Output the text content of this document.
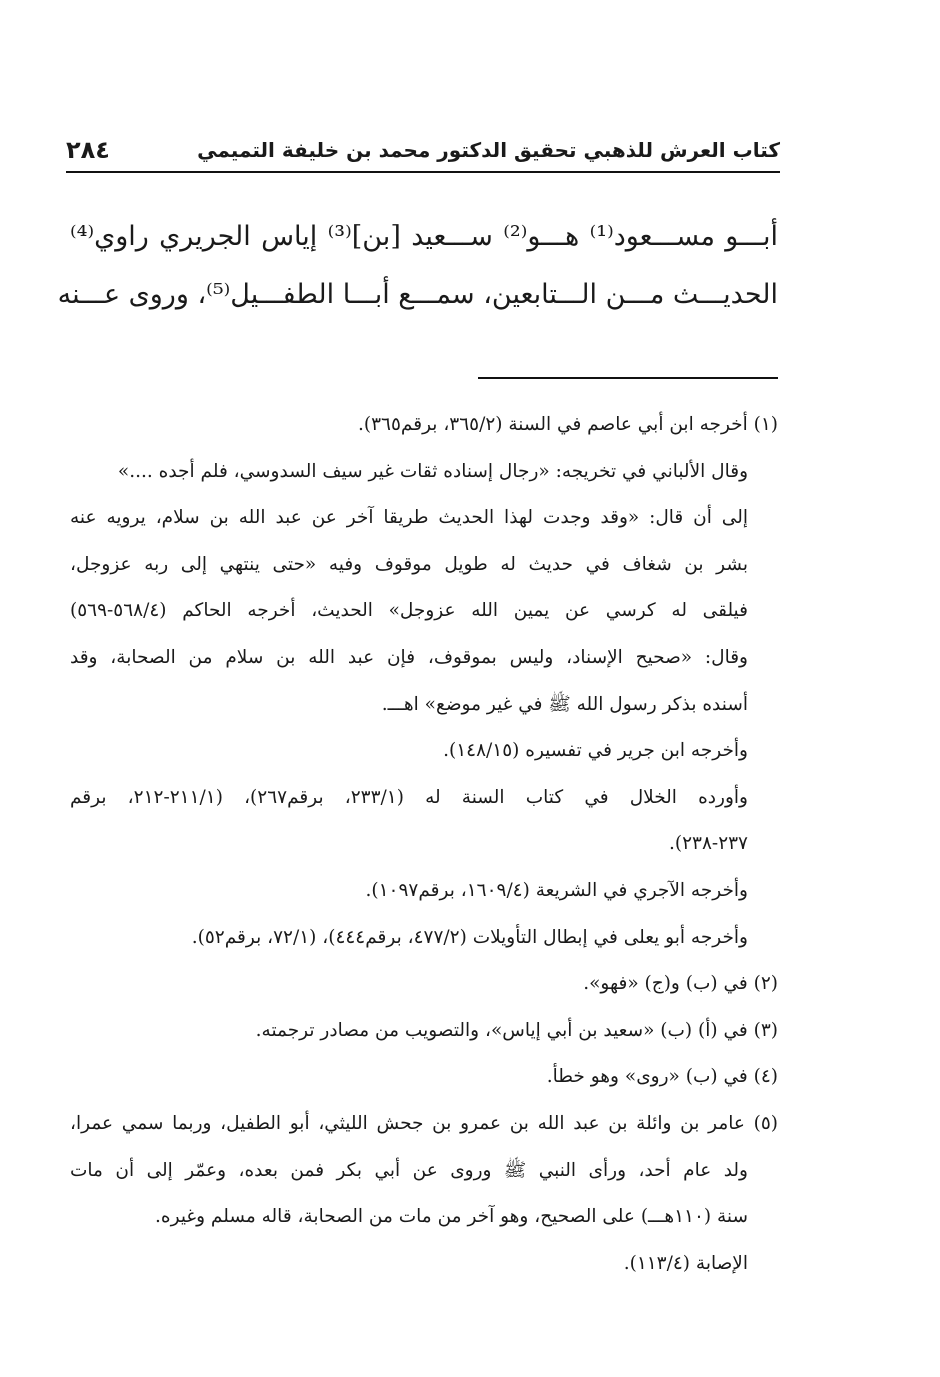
كتاب العرش للذهبي تحقيق الدكتور محمد بن خليفة التميمي
٢٨٤
أبـــو مســـعود⁽¹⁾ هـــو⁽²⁾ ســـعيد [بن]⁽³⁾ إياس الجريري راوي⁽⁴⁾
الحديـــث مـــن الـــتابعين، سمـــع أبـــا الطفـــيل⁽⁵⁾، وروى عـــنه
(١) أخرجه ابن أبي عاصم في السنة (٣٦٥/٢، برقم٣٦٥).
وقال الألباني في تخريجه: «رجال إسناده ثقات غير سيف السدوسي، فلم أجده ....»
إلى أن قال: «وقد وجدت لهذا الحديث طريقا آخر عن عبد الله بن سلام، يرويه عنه
بشر بن شغاف في حديث له طويل موقوف وفيه «حتى ينتهي إلى ربه عزوجل،
فيلقى له كرسي عن يمين الله عزوجل» الحديث، أخرجه الحاكم (٥٦٨/٤-٥٦٩)
وقال: «صحيح الإسناد، وليس بموقوف، فإن عبد الله بن سلام من الصحابة، وقد
أسنده بذكر رسول الله ﷺ في غير موضع» اهـــ.
وأخرجه ابن جرير في تفسيره (١٤٨/١٥).
وأورده الخلال في كتاب السنة له (٢٣٣/١، برقم٢٦٧)، (٢١١/١-٢١٢، برقم
٢٣٧-٢٣٨).
وأخرجه الآجري في الشريعة (١٦٠٩/٤، برقم١٠٩٧).
وأخرجه أبو يعلى في إبطال التأويلات (٤٧٧/٢، برقم٤٤٤)، (٧٢/١، برقم٥٢).
(٢) في (ب) و(ج) «فهو».
(٣) في (أ) (ب) «سعيد بن أبي إياس»، والتصويب من مصادر ترجمته.
(٤) في (ب) «روى» وهو خطأ.
(٥) عامر بن وائلة بن عبد الله بن عمرو بن جحش الليثي، أبو الطفيل، وربما سمي عمرا،
ولد عام أحد، ورأى النبي ﷺ وروى عن أبي بكر فمن بعده، وعمّر إلى أن مات
سنة (١١٠هـــ) على الصحيح، وهو آخر من مات من الصحابة، قاله مسلم وغيره.
الإصابة (١١٣/٤).
